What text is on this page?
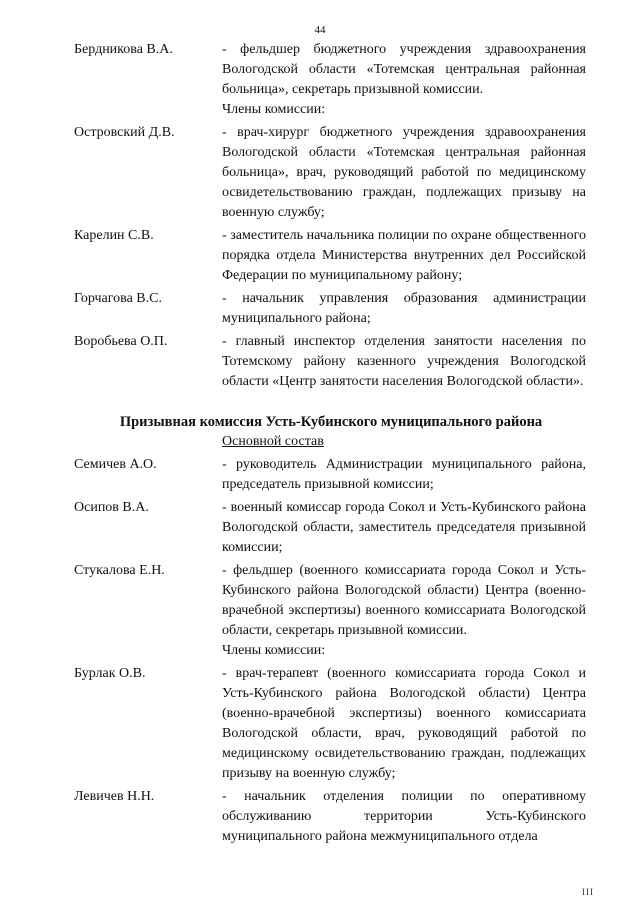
44
Бердникова В.А.	- фельдшер бюджетного учреждения здравоохранения Вологодской области «Тотемская центральная районная больница», секретарь призывной комиссии.

Члены комиссии:
Островский Д.В.	- врач-хирург бюджетного учреждения здравоохранения Вологодской области «Тотемская центральная районная больница», врач, руководящий работой по медицинскому освидетельствованию граждан, подлежащих призыву на военную службу;

Карелин С.В.	- заместитель начальника полиции по охране общественного порядка отдела Министерства внутренних дел Российской Федерации по муниципальному району;

Горчагова В.С.	- начальник управления образования администрации муниципального района;

Воробьева О.П.	- главный инспектор отделения занятости населения по Тотемскому району казенного учреждения Вологодской области «Центр занятости населения Вологодской области».

Призывная комиссия Усть-Кубинского муниципального района

Основной состав
Семичев А.О.	- руководитель Администрации муниципального района, председатель призывной комиссии;

Осипов В.А.	- военный комиссар города Сокол и Усть-Кубинского района Вологодской области, заместитель председателя призывной комиссии;

Стукалова Е.Н.	- фельдшер (военного комиссариата города Сокол и Усть-Кубинского района Вологодской области) Центра (военно-врачебной экспертизы) военного комиссариата Вологодской области, секретарь призывной комиссии.

Члены комиссии:
Бурлак О.В.	- врач-терапевт (военного комиссариата города Сокол и Усть-Кубинского района Вологодской области) Центра (военно-врачебной экспертизы) военного комиссариата Вологодской области, врач, руководящий работой по медицинскому освидетельствованию граждан, подлежащих призыву на военную службу;

Левичев Н.Н.	- начальник отделения полиции по оперативному обслуживанию территории Усть-Кубинского муниципального района межмуниципального отдела

III
